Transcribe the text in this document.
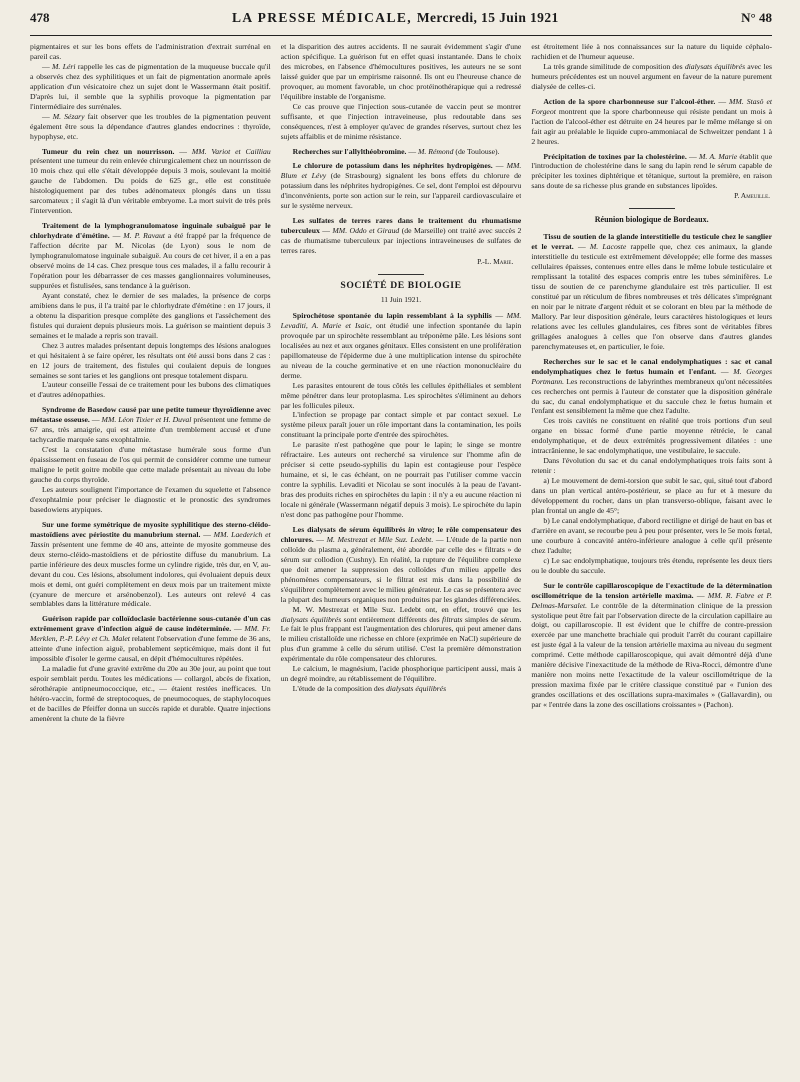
478	LA PRESSE MÉDICALE, Mercredi, 15 Juin 1921	N° 48

pigmentaires et sur les bons effets de l'administration d'extrait surrénal en pareil cas.

— M. Léri rappelle les cas de pigmentation de la muqueuse buccale qu'il a observés chez des syphilitiques et un fait de pigmentation anormale après application d'un vésicatoire chez un sujet dont le Wassermann était positif. D'après lui, il semble que la syphilis provoque la pigmentation par l'intermédiaire des surrénales.

— M. Sézary fait observer que les troubles de la pigmentation peuvent également être sous la dépendance d'autres glandes endocrines : thyroïde, hypophyse, etc.

Tumeur du rein chez un nourrisson. — MM. Variot et Cailliau présentent une tumeur du rein enlevée chirurgicalement chez un nourrisson de 10 mois chez qui elle s'était développée depuis 3 mois, soulevant la moitié gauche de l'abdomen. Du poids de 625 gr., elle est constituée histologiquement par des tubes adénomateux plongés dans un tissu sarcomateux ; il s'agit là d'un véritable embryome. La mort suivit de très près l'intervention.

Traitement de la lymphogranulomatose inguinale subaiguë par le chlorhydrate d'émétine. — M. P. Ravaut a été frappé par la fréquence de l'affection décrite par M. Nicolas (de Lyon) sous le nom de lymphogranulomatose inguinale subaiguë. Au cours de cet hiver, il a en a pas observé moins de 14 cas. Chez presque tous ces malades, il a fallu recourir à l'opération pour les débarrasser de ces masses ganglionnaires volumineuses, suppurées et fistulisées, sans tendance à la guérison.

Ayant constaté, chez le dernier de ses malades, la présence de corps amibiens dans le pus, il l'a traité par le chlorhydrate d'émétine : en 17 jours, il a obtenu la disparition presque complète des ganglions et l'assèchement des fistules qui duraient depuis plusieurs mois. La guérison se maintient depuis 3 semaines et le malade a repris son travail.

Chez 3 autres malades présentant depuis longtemps des lésions analogues et qui hésitaient à se faire opérer, les résultats ont été aussi bons dans 2 cas : en 12 jours de traitement, des fistules qui coulaient depuis de longues semaines se sont taries et les ganglions ont presque totalement disparu.

L'auteur conseille l'essai de ce traitement pour les bubons des climatiques et d'autres adénopathies.

Syndrome de Basedow causé par une petite tumeur thyroïdienne avec métastase osseuse. — MM. Léon Tixier et H. Duval présentent une femme de 67 ans, très amaigrie, qui est atteinte d'un tremblement accusé et d'une tachycardie marquée sans exophtalmie.

C'est la constatation d'une métastase humérale sous forme d'un épaississement en fuseau de l'os qui permit de considérer comme une tumeur maligne le petit goitre mobile que cette malade présentait au niveau du lobe gauche du corps thyroïde.

Les auteurs soulignent l'importance de l'examen du squelette et l'absence d'exophtalmie pour préciser le diagnostic et le pronostic des syndromes basedowiens atypiques.

Sur une forme symétrique de myosite syphilitique des sterno-cléido-mastoïdiens avec périostite du manubrium sternal. — MM. Laederich et Tassin présentent une femme de 40 ans, atteinte de myosite gommeuse des deux sterno-cléido-mastoïdiens et de périostite diffuse du manubrium. La partie inférieure des deux muscles forme un cylindre rigide, très dur, en V, au-devant du cou. Ces lésions, absolument indolores, qui évoluaient depuis deux mois et demi, ont guéri complètement en deux mois par un traitement mixte (cyanure de mercure et arsénobenzol). Les auteurs ont relevé 4 cas semblables dans la littérature médicale.

Guérison rapide par colloïdoclasie bactérienne sous-cutanée d'un cas extrêmement grave d'infection aiguë de cause indéterminée. — MM. Fr. Merklen, P.-P. Lévy et Ch. Malet relatent l'observation d'une femme de 36 ans, atteinte d'une infection aiguë, probablement septicémique, mais dont il fut impossible d'isoler le germe causal, en dépit d'hémocultures répétées.

La maladie fut d'une gravité extrême du 20e au 30e jour, au point que tout espoir semblait perdu. Toutes les médications — collargol, abcès de fixation, sérothérapie antipneumococcique, etc., — étaient restées inefficaces. Un hétéro-vaccin, formé de streptocoques, de pneumocoques, de staphylocoques et de bacilles de Pfeiffer donna un succès rapide et durable. Quatre injections amenèrent la chute de la fièvre

et la disparition des autres accidents. Il ne saurait évidemment s'agir d'une action spécifique. La guérison fut en effet quasi instantanée. Dans le choix des microbes, en l'absence d'hémocultures positives, les auteurs ne se sont laissé guider que par un empirisme raisonné. Ils ont eu l'heureuse chance de provoquer, au moment favorable, un choc protéinothérapique qui a redressé l'équilibre instable de l'organisme.

Ce cas prouve que l'injection sous-cutanée de vaccin peut se montrer suffisante, et que l'injection intraveineuse, plus redoutable dans ses conséquences, n'est à employer qu'avec de grandes réserves, surtout chez les sujets affaiblis et de minime résistance.

Recherches sur l'allylthéobromine. — M. Rémond (de Toulouse).

Le chlorure de potassium dans les néphrites hydropigènes. — MM. Blum et Lévy (de Strasbourg) signalent les bons effets du chlorure de potassium dans les néphrites hydropigènes. Ce sel, dont l'emploi est dépourvu d'inconvénients, porte son action sur le rein, sur l'appareil cardiovasculaire et sur le système nerveux.

Les sulfates de terres rares dans le traitement du rhumatisme tuberculeux — MM. Oddo et Giraud (de Marseille) ont traité avec succès 2 cas de rhumatisme tuberculeux par injections intraveineuses de sulfates de terres rares.

P.-L. Marie.
SOCIÉTÉ DE BIOLOGIE
11 Juin 1921.

Spirochétose spontanée du lapin ressemblant à la syphilis — MM. Levaditi, A. Marie et Isaic, ont étudié une infection spontanée du lapin provoquée par un spirochète ressemblant au tréponème pâle. Les lésions sont localisées au nez et aux organes génitaux. Elles consistent en une prolifération papillomateuse de l'épiderme due à une multiplication intense du spirochète au niveau de la couche germinative et en une réaction mononucléaire du derme.

Les parasites entourent de tous côtés les cellules épithéliales et semblent même pénétrer dans leur protoplasma. Les spirochètes s'éliminent au dehors par les follicules pileux.

L'infection se propage par contact simple et par contact sexuel. Le système pileux paraît jouer un rôle important dans la contamination, les poils constituant la principale porte d'entrée des spirochètes.

Le parasite n'est pathogène que pour le lapin; le singe se montre réfractaire. Les auteurs ont recherché sa virulence sur l'homme afin de préciser si cette pseudo-syphilis du lapin est contagieuse pour l'espèce humaine, et si, le cas échéant, on ne pourrait pas l'utiliser comme vaccin contre la syphilis. Levaditi et Nicolau se sont inoculés à la peau de l'avant-bras des produits riches en spirochètes du lapin : il n'y a eu aucune réaction ni locale ni générale (Wassermann négatif depuis 3 mois). Le spirochète du lapin n'est donc pas pathogène pour l'homme.

Les dialysats de sérum équilibrés in vitro; le rôle compensateur des chlorures. — M. Mestrezat et Mlle Suz. Ledebt. — L'étude de la partie non colloïde du plasma a, généralement, été abordée par celle des « filtrats » de sérum sur collodion (Cushny). En réalité, la rupture de l'équilibre complexe que doit amener la suppression des colloïdes d'un milieu appelle des phénomènes compensateurs, si le filtrat est mis dans la possibilité de s'équilibrer complètement avec le milieu générateur. Le cas se présentera avec la plupart des humeurs organiques non produites par les glandes différenciées.

M. W. Mestrezat et Mlle Suz. Ledebt ont, en effet, trouvé que les dialysats équilibrés sont entièrement différents des filtrats simples de sérum. Le fait le plus frappant est l'augmentation des chlorures, qui peut amener dans le milieu cristalloïde une richesse en chlore (exprimée en NaCl) supérieure de plus d'un gramme à celle du sérum utilisé. C'est la première démonstration expérimentale du rôle compensateur des chlorures.

Le calcium, le magnésium, l'acide phosphorique participent aussi, mais à un degré moindre, au rétablissement de l'équilibre.

L'étude de la composition des dialysats équilibrés

est étroitement liée à nos connaissances sur la nature du liquide céphalo-rachidien et de l'humeur aqueuse.

La très grande similitude de composition des dialysats équilibrés avec les humeurs précédentes est un nouvel argument en faveur de la nature purement dialysée de celles-ci.

Action de la spore charbonneuse sur l'alcool-éther. — MM. Stasö et Forgeot montrent que la spore charbonneuse qui résiste pendant un mois à l'action de l'alcool-éther est détruite en 24 heures par le même mélange si on fait agir au préalable le liquide cupro-ammoniacal de Schweitzer pendant 1 à 2 heures.

Précipitation de toxines par la cholestérine. — M. A. Marie établit que l'introduction de cholestérine dans le sang du lapin rend le sérum capable de précipiter les toxines diphtérique et tétanique, surtout la première, en raison sans doute de sa richesse plus grande en substances lipoïdes.

P. Ameuille.
Réunion biologique de Bordeaux.

Tissu de soutien de la glande interstitielle du testicule chez le sanglier et le verrat. — M. Lacoste rappelle que, chez ces animaux, la glande interstitielle du testicule est extrêmement développée; elle forme des masses cellulaires épaisses, contenues entre elles dans le même lobule testiculaire et remplissant la totalité des espaces compris entre les tubes séminifères. Le tissu de soutien de ce parenchyme glandulaire est très particulier. Il est constitué par un réticulum de fibres nombreuses et très délicates s'imprégnant en noir par le nitrate d'argent réduit et se colorant en bleu par la méthode de Mallory. Par leur disposition générale, leurs caractères histologiques et leurs relations avec les cellules glandulaires, ces fibres sont de véritables fibres grillagées analogues à celles que l'on observe dans d'autres glandes parenchymateuses et, en particulier, le foie.

Recherches sur le sac et le canal endolymphatiques : sac et canal endolymphatiques chez le fœtus humain et l'enfant. — M. Georges Portmann. Les reconstructions de labyrinthes membraneux qu'ont nécessitées ces recherches ont permis à l'auteur de constater que la disposition générale du sac, du canal endolymphatique et du saccule chez le fœtus humain et l'enfant est sensiblement la même que chez l'adulte.

Ces trois cavités ne constituent en réalité que trois portions d'un seul organe en bissac formé d'une partie moyenne rétrécie, le canal endolymphatique, et de deux extrémités progressivement dilatées : une intracrânienne, le sac endolymphatique, une vestibulaire, le saccule.

Dans l'évolution du sac et du canal endolymphatiques trois faits sont à retenir :

a) Le mouvement de demi-torsion que subit le sac, qui, situé tout d'abord dans un plan vertical antéro-postérieur, se place au fur et à mesure du développement du rocher, dans un plan transverso-oblique, faisant avec le plan frontal un angle de 45°;

b) Le canal endolymphatique, d'abord rectiligne et dirigé de haut en bas et d'arrière en avant, se recourbe peu à peu pour présenter, vers le 5e mois fœtal, une courbure à concavité antéro-inférieure analogue à celle qu'il présente chez l'adulte;

c) Le sac endolymphatique, toujours très étendu, représente les deux tiers ou le double du saccule.

Sur le contrôle capillaroscopique de l'exactitude de la détermination oscillométrique de la tension artérielle maxima. — MM. R. Fabre et P. Delmas-Marsalet. Le contrôle de la détermination clinique de la pression systolique peut être fait par l'observation directe de la circulation capillaire au doigt, ou capillaroscopie. Il est évident que le chiffre de contre-pression exercée par une manchette brachiale qui produit l'arrêt du courant capillaire est juste égal à la valeur de la tension artérielle maxima au niveau du segment comprimé. Cette méthode capillaroscopique, qui avait démontré déjà d'une manière décisive l'inexactitude de la méthode de Riva-Rocci, démontre d'une manière non moins nette l'exactitude de la valeur oscillométrique de la pression maxima fixée par le critère classique constitué par « l'union des grandes oscillations et des oscillations supra-maximales » (Gallavardin), ou par « l'entrée dans la zone des oscillations croissantes » (Pachon).
